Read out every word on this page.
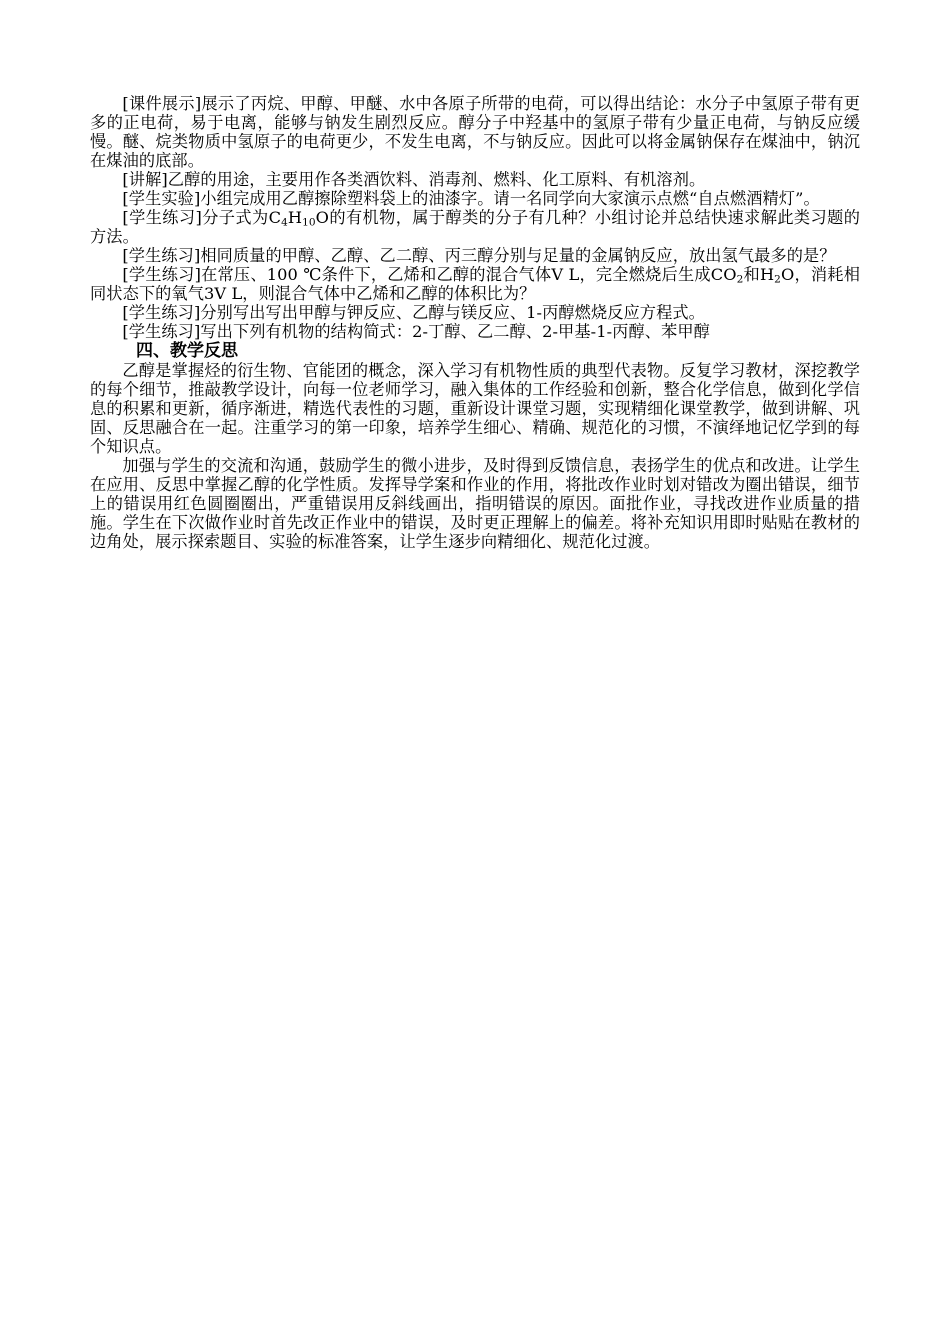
[课件展示]展示了丙烷、甲醇、甲醚、水中各原子所带的电荷，可以得出结论：水分子中氢原子带有更多的正电荷，易于电离，能够与钠发生剧烈反应。醇分子中羟基中的氢原子带有少量正电荷，与钠反应缓慢。醚、烷类物质中氢原子的电荷更少，不发生电离，不与钠反应。因此可以将金属钠保存在煤油中，钠沉在煤油的底部。

[讲解]乙醇的用途，主要用作各类酒饮料、消毒剂、燃料、化工原料、有机溶剂。

[学生实验]小组完成用乙醇擦除塑料袋上的油漆字。请一名同学向大家演示点燃“自点燃酒精灯”。

[学生练习]分子式为$C_4H_{10}O$的有机物，属于醇类的分子有几种？小组讨论并总结快速求解此类习题的方法。

[学生练习]相同质量的甲醇、乙醇、乙二醇、丙三醇分别与足量的金属钠反应，放出氢气最多的是？

[学生练习]在常压、100 ℃条件下，乙烯和乙醇的混合气体V L，完全燃烧后生成$CO_2$和$H_2O$，消耗相同状态下的氧气3V L，则混合气体中乙烯和乙醇的体积比为？

[学生练习]分别写出写出甲醇与钾反应、乙醇与镁反应、1-丙醇燃烧反应方程式。

[学生练习]写出下列有机物的结构简式：2-丁醇、乙二醇、2-甲基-1-丙醇、苯甲醇

四、教学反思

乙醇是掌握烃的衍生物、官能团的概念，深入学习有机物性质的典型代表物。反复学习教材，深挖教学的每个细节，推敲教学设计，向每一位老师学习，融入集体的工作经验和创新，整合化学信息，做到化学信息的积累和更新，循序渐进，精选代表性的习题，重新设计课堂习题，实现精细化课堂教学，做到讲解、巩固、反思融合在一起。注重学习的第一印象，培养学生细心、精确、规范化的习惯，不演绎地记忆学到的每个知识点。

加强与学生的交流和沟通，鼓励学生的微小进步，及时得到反馈信息，表扬学生的优点和改进。让学生在应用、反思中掌握乙醇的化学性质。发挥导学案和作业的作用，将批改作业时划对错改为圈出错误，细节上的错误用红色圆圈圈出，严重错误用反斜线画出，指明错误的原因。面批作业，寻找改进作业质量的措施。学生在下次做作业时首先改正作业中的错误，及时更正理解上的偏差。将补充知识用即时贴贴在教材的边角处，展示探索题目、实验的标准答案，让学生逐步向精细化、规范化过渡。
